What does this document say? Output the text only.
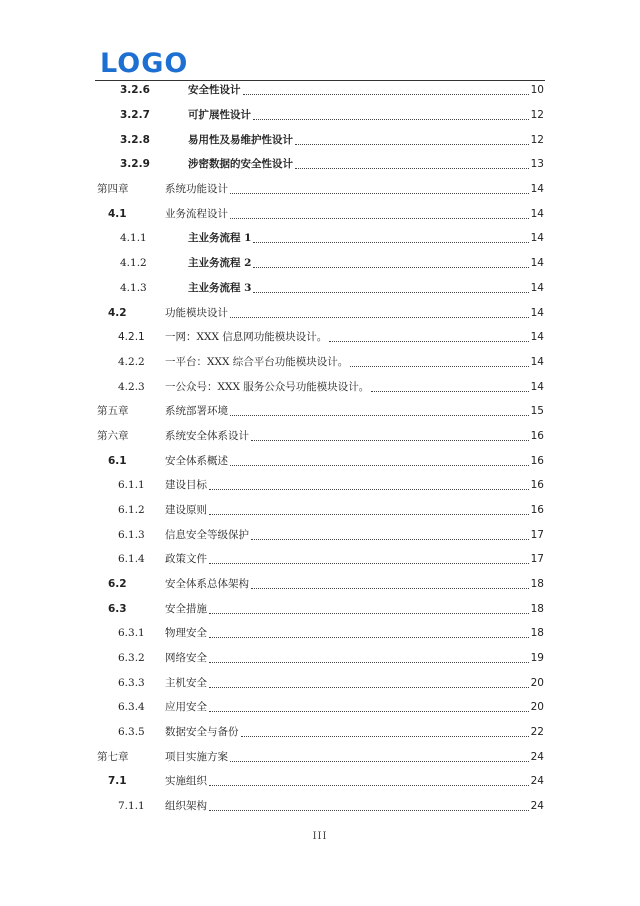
LOGO
3.2.6	安全性设计	10
3.2.7	可扩展性设计	12
3.2.8	易用性及易维护性设计	12
3.2.9	涉密数据的安全性设计	13
第四章	系统功能设计	14
4.1	业务流程设计	14
4.1.1	主业务流程 1	14
4.1.2	主业务流程 2	14
4.1.3	主业务流程 3	14
4.2	功能模块设计	14
4.2.1 一网：XXX 信息网功能模块设计。	14
4.2.2 一平台：XXX 综合平台功能模块设计。	14
4.2.3 一公众号：XXX 服务公众号功能模块设计。	14
第五章	系统部署环境	15
第六章	系统安全体系设计	16
6.1	安全体系概述	16
6.1.1 建设目标	16
6.1.2 建设原则	16
6.1.3 信息安全等级保护	17
6.1.4 政策文件	17
6.2	安全体系总体架构	18
6.3	安全措施	18
6.3.1 物理安全	18
6.3.2 网络安全	19
6.3.3 主机安全	20
6.3.4 应用安全	20
6.3.5 数据安全与备份	22
第七章	项目实施方案	24
7.1	实施组织	24
7.1.1 组织架构	24
III
